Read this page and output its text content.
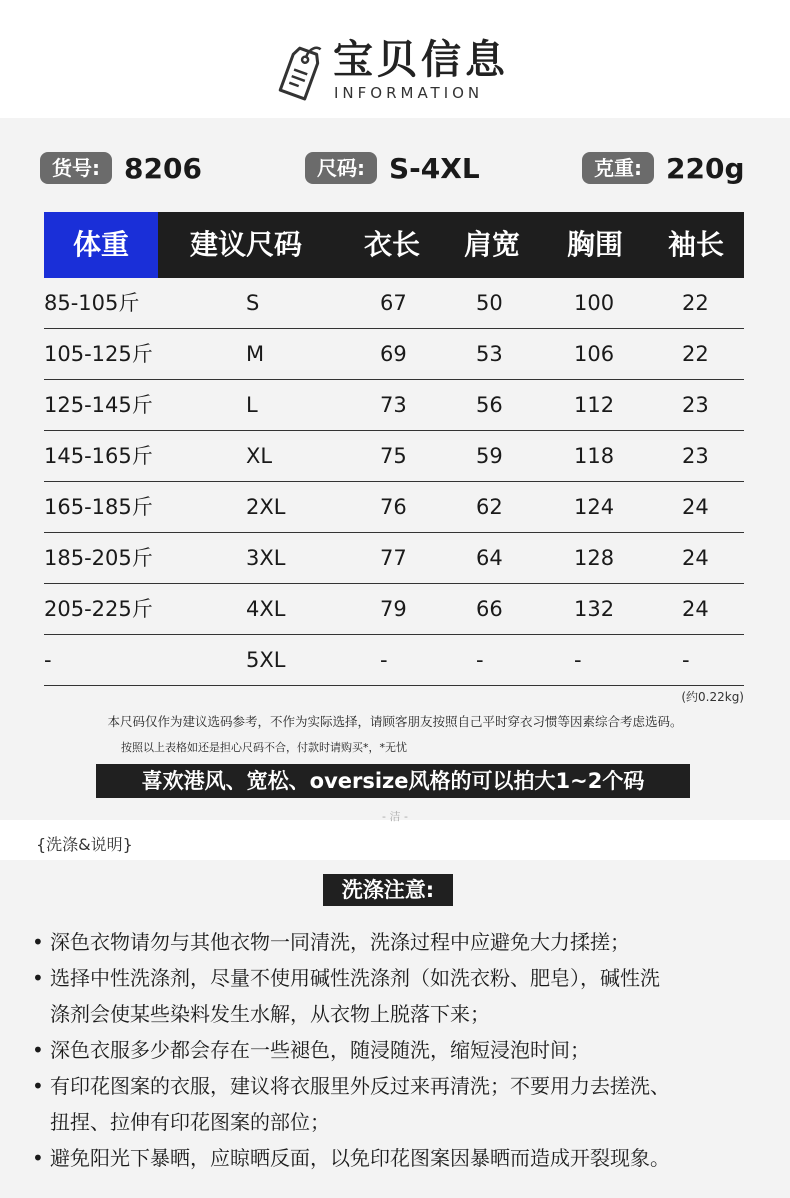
宝贝信息
INFORMATION
货号: 8206	尺码: S-4XL	克重: 220g
体重	建议尺码	衣长	肩宽	胸围	袖长
85-105斤	S	67	50	100	22
105-125斤	M	69	53	106	22
125-145斤	L	73	56	112	23
145-165斤	XL	75	59	118	23
165-185斤	2XL	76	62	124	24
185-205斤	3XL	77	64	128	24
205-225斤	4XL	79	66	132	24
-	5XL	-	-	-	-
(约0.22kg)
本尺码仅作为建议选码参考，不作为实际选择，请顾客朋友按照自己平时穿衣习惯等因素综合考虑选码。
按照以上表格如还是担心尺码不合，付款时请购买*，*无忧
喜欢港风、宽松、oversize风格的可以拍大1~2个码
- 洁 -
{洗涤&说明}
洗涤注意:
• 深色衣物请勿与其他衣物一同清洗，洗涤过程中应避免大力揉搓；
• 选择中性洗涤剂，尽量不使用碱性洗涤剂（如洗衣粉、肥皂），碱性洗
涤剂会使某些染料发生水解，从衣物上脱落下来；
• 深色衣服多少都会存在一些褪色，随浸随洗，缩短浸泡时间；
• 有印花图案的衣服，建议将衣服里外反过来再清洗；不要用力去搓洗、
扭捏、拉伸有印花图案的部位；
• 避免阳光下暴晒，应晾晒反面，以免印花图案因暴晒而造成开裂现象。
